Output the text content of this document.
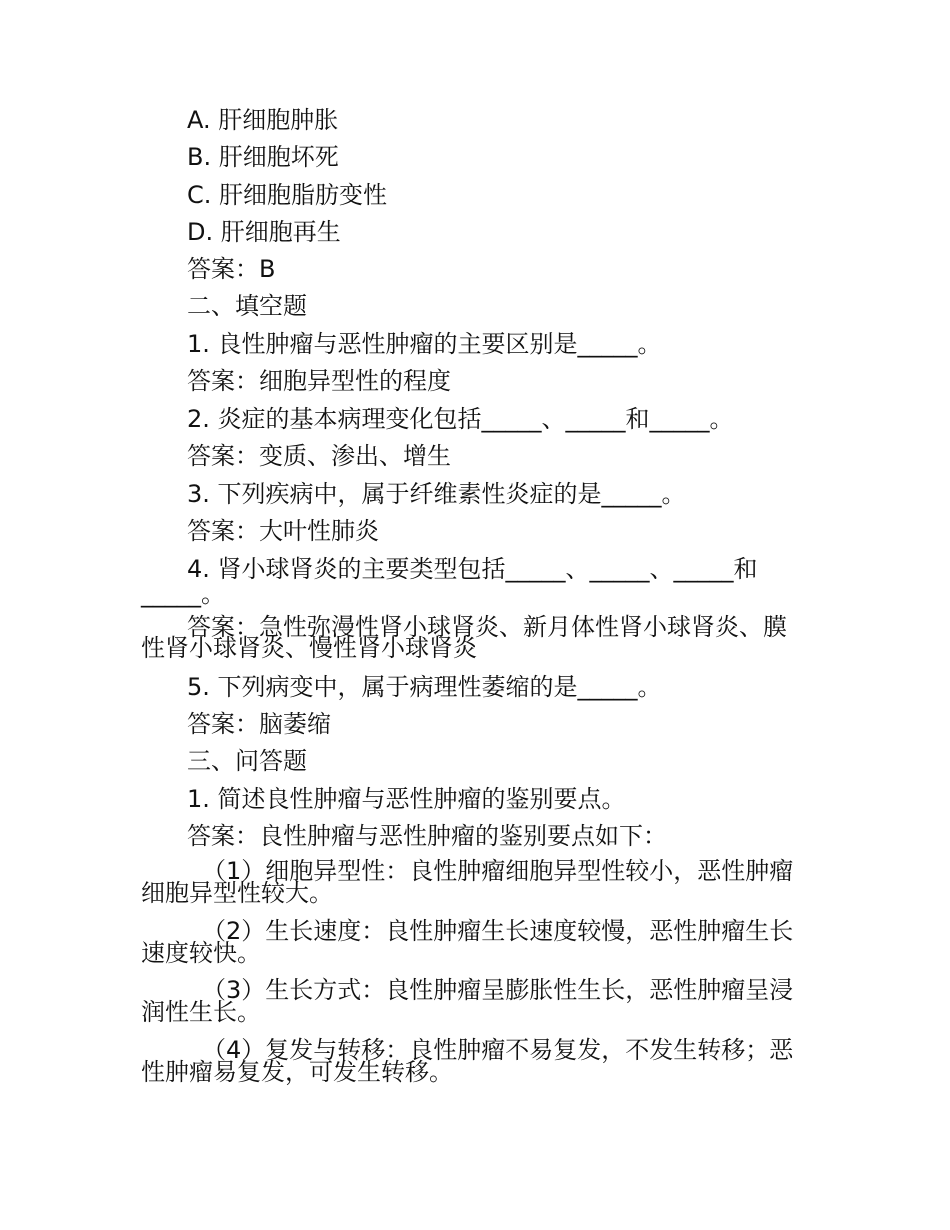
A. 肝细胞肿胀
B. 肝细胞坏死
C. 肝细胞脂肪变性
D. 肝细胞再生
答案：B
二、填空题
1. 良性肿瘤与恶性肿瘤的主要区别是_____。
答案：细胞异型性的程度
2. 炎症的基本病理变化包括_____、_____和_____。
答案：变质、渗出、增生
3. 下列疾病中，属于纤维素性炎症的是_____。
答案：大叶性肺炎
4. 肾小球肾炎的主要类型包括_____、_____、_____和
_____。
答案：急性弥漫性肾小球肾炎、新月体性肾小球肾炎、膜
性肾小球肾炎、慢性肾小球肾炎
5. 下列病变中，属于病理性萎缩的是_____。
答案：脑萎缩
三、问答题
1. 简述良性肿瘤与恶性肿瘤的鉴别要点。
答案：良性肿瘤与恶性肿瘤的鉴别要点如下：
（1）细胞异型性：良性肿瘤细胞异型性较小，恶性肿瘤
细胞异型性较大。
（2）生长速度：良性肿瘤生长速度较慢，恶性肿瘤生长
速度较快。
（3）生长方式：良性肿瘤呈膨胀性生长，恶性肿瘤呈浸
润性生长。
（4）复发与转移：良性肿瘤不易复发，不发生转移；恶
性肿瘤易复发，可发生转移。
